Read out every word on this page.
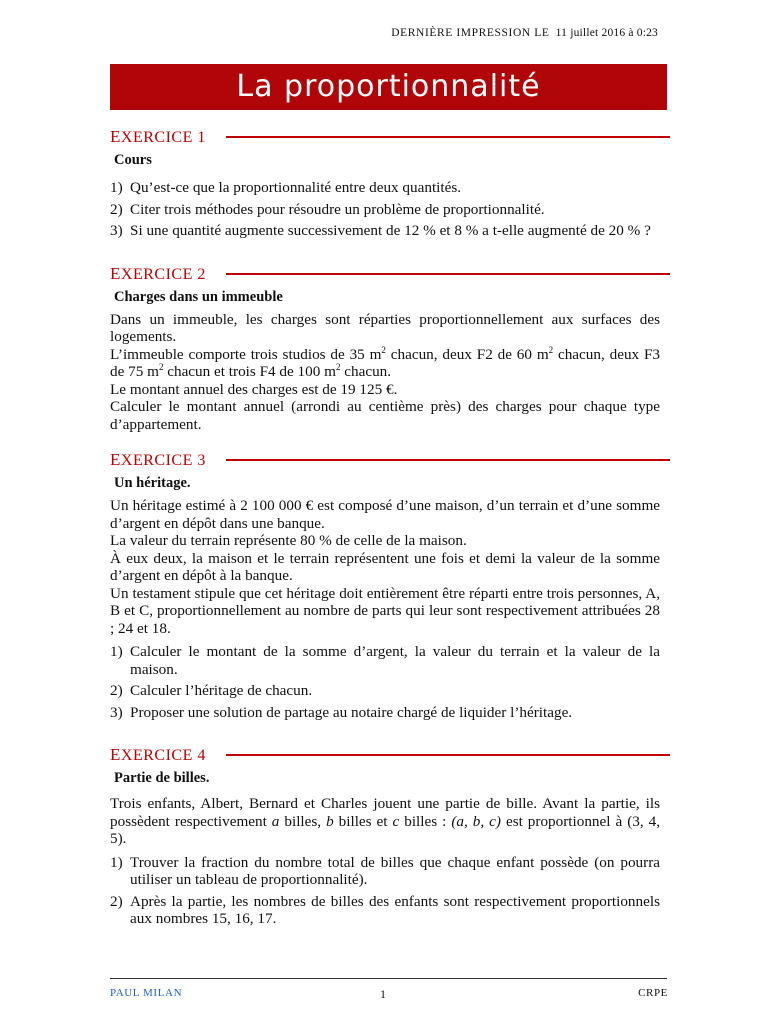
DERNIÈRE IMPRESSION LE 11 juillet 2016 à 0:23
La proportionnalité
EXERCICE 1
Cours
1) Qu’est-ce que la proportionnalité entre deux quantités.
2) Citer trois méthodes pour résoudre un problème de proportionnalité.
3) Si une quantité augmente successivement de 12 % et 8 % a t-elle augmenté de 20 % ?
EXERCICE 2
Charges dans un immeuble

Dans un immeuble, les charges sont réparties proportionnellement aux surfaces des logements.

L’immeuble comporte trois studios de 35 $m^2$ chacun, deux F2 de 60 $m^2$ chacun, deux F3 de 75 $m^2$ chacun et trois F4 de 100 $m^2$ chacun.

Le montant annuel des charges est de 19 125 €.

Calculer le montant annuel (arrondi au centième près) des charges pour chaque type d’appartement.

EXERCICE 3
Un héritage.

Un héritage estimé à 2 100 000 € est composé d’une maison, d’un terrain et d’une somme d’argent en dépôt dans une banque.

La valeur du terrain représente 80 % de celle de la maison.

À eux deux, la maison et le terrain représentent une fois et demi la valeur de la somme d’argent en dépôt à la banque.

Un testament stipule que cet héritage doit entièrement être réparti entre trois personnes, A, B et C, proportionnellement au nombre de parts qui leur sont respectivement attribuées 28 ; 24 et 18.

1) Calculer le montant de la somme d’argent, la valeur du terrain et la valeur de la maison.
2) Calculer l’héritage de chacun.
3) Proposer une solution de partage au notaire chargé de liquider l’héritage.
EXERCICE 4
Partie de billes.

Trois enfants, Albert, Bernard et Charles jouent une partie de bille. Avant la partie, ils possèdent respectivement a billes, b billes et c billes : (a, b, c) est proportionnel à (3, 4, 5).

1) Trouver la fraction du nombre total de billes que chaque enfant possède (on pourra utiliser un tableau de proportionnalité).
2) Après la partie, les nombres de billes des enfants sont respectivement proportionnels aux nombres 15, 16, 17.
PAUL MILAN	1	CRPE
